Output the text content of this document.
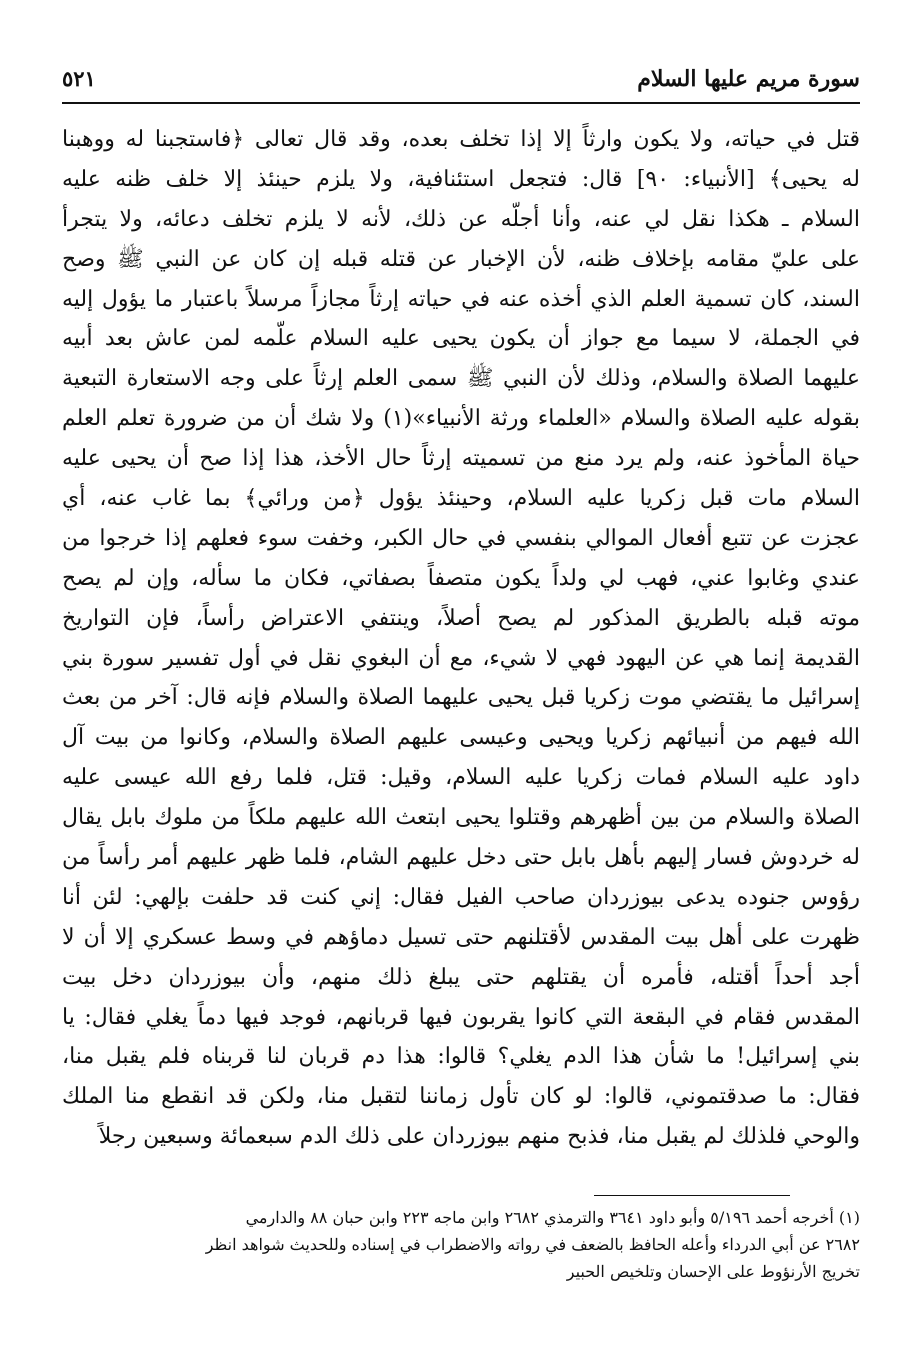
٥٢١	سورة مريم عليها السلام
قتل في حياته، ولا يكون وارثاً إلا إذا تخلف بعده، وقد قال تعالى ﴿فاستجبنا له ووهبنا
له يحيى﴾ [الأنبياء: ٩٠] قال: فتجعل استئنافية، ولا يلزم حينئذ إلا خلف ظنه عليه
السلام ـ هكذا نقل لي عنه، وأنا أجلّه عن ذلك، لأنه لا يلزم تخلف دعائه، ولا يتجرأ
على عليّ مقامه بإخلاف ظنه، لأن الإخبار عن قتله قبله إن كان عن النبي ﷺ وصح
السند، كان تسمية العلم الذي أخذه عنه في حياته إرثاً مجازاً مرسلاً باعتبار ما يؤول إليه
في الجملة، لا سيما مع جواز أن يكون يحيى عليه السلام علّمه لمن عاش بعد أبيه
عليهما الصلاة والسلام، وذلك لأن النبي ﷺ سمى العلم إرثاً على وجه الاستعارة التبعية
بقوله عليه الصلاة والسلام «العلماء ورثة الأنبياء»(١) ولا شك أن من ضرورة تعلم العلم
حياة المأخوذ عنه، ولم يرد منع من تسميته إرثاً حال الأخذ، هذا إذا صح أن يحيى عليه
السلام مات قبل زكريا عليه السلام، وحينئذ يؤول ﴿من ورائي﴾ بما غاب عنه، أي
عجزت عن تتبع أفعال الموالي بنفسي في حال الكبر، وخفت سوء فعلهم إذا خرجوا من
عندي وغابوا عني، فهب لي ولداً يكون متصفاً بصفاتي، فكان ما سأله، وإن لم يصح
موته قبله بالطريق المذكور لم يصح أصلاً، وينتفي الاعتراض رأساً، فإن التواريخ
القديمة إنما هي عن اليهود فهي لا شيء، مع أن البغوي نقل في أول تفسير سورة بني
إسرائيل ما يقتضي موت زكريا قبل يحيى عليهما الصلاة والسلام فإنه قال: آخر من بعث
الله فيهم من أنبيائهم زكريا ويحيى وعيسى عليهم الصلاة والسلام، وكانوا من بيت آل
داود عليه السلام فمات زكريا عليه السلام، وقيل: قتل، فلما رفع الله عيسى عليه
الصلاة والسلام من بين أظهرهم وقتلوا يحيى ابتعث الله عليهم ملكاً من ملوك بابل يقال
له خردوش فسار إليهم بأهل بابل حتى دخل عليهم الشام، فلما ظهر عليهم أمر رأساً من
رؤوس جنوده يدعى بيوزردان صاحب الفيل فقال: إني كنت قد حلفت بإلهي: لئن أنا
ظهرت على أهل بيت المقدس لأقتلنهم حتى تسيل دماؤهم في وسط عسكري إلا أن لا
أجد أحداً أقتله، فأمره أن يقتلهم حتى يبلغ ذلك منهم، وأن بيوزردان دخل بيت
المقدس فقام في البقعة التي كانوا يقربون فيها قربانهم، فوجد فيها دماً يغلي فقال: يا
بني إسرائيل! ما شأن هذا الدم يغلي؟ قالوا: هذا دم قربان لنا قربناه فلم يقبل منا،
فقال: ما صدقتموني، قالوا: لو كان تأول زماننا لتقبل منا، ولكن قد انقطع منا الملك
والوحي فلذلك لم يقبل منا، فذبح منهم بيوزردان على ذلك الدم سبعمائة وسبعين رجلاً
(١) أخرجه أحمد ٥/١٩٦ وأبو داود ٣٦٤١ والترمذي ٢٦٨٢ وابن ماجه ٢٢٣ وابن حبان ٨٨ والدارمي
٢٦٨٢ عن أبي الدرداء وأعله الحافظ بالضعف في رواته والاضطراب في إسناده وللحديث شواهد انظر
تخريج الأرنؤوط على الإحسان وتلخيص الحبير
